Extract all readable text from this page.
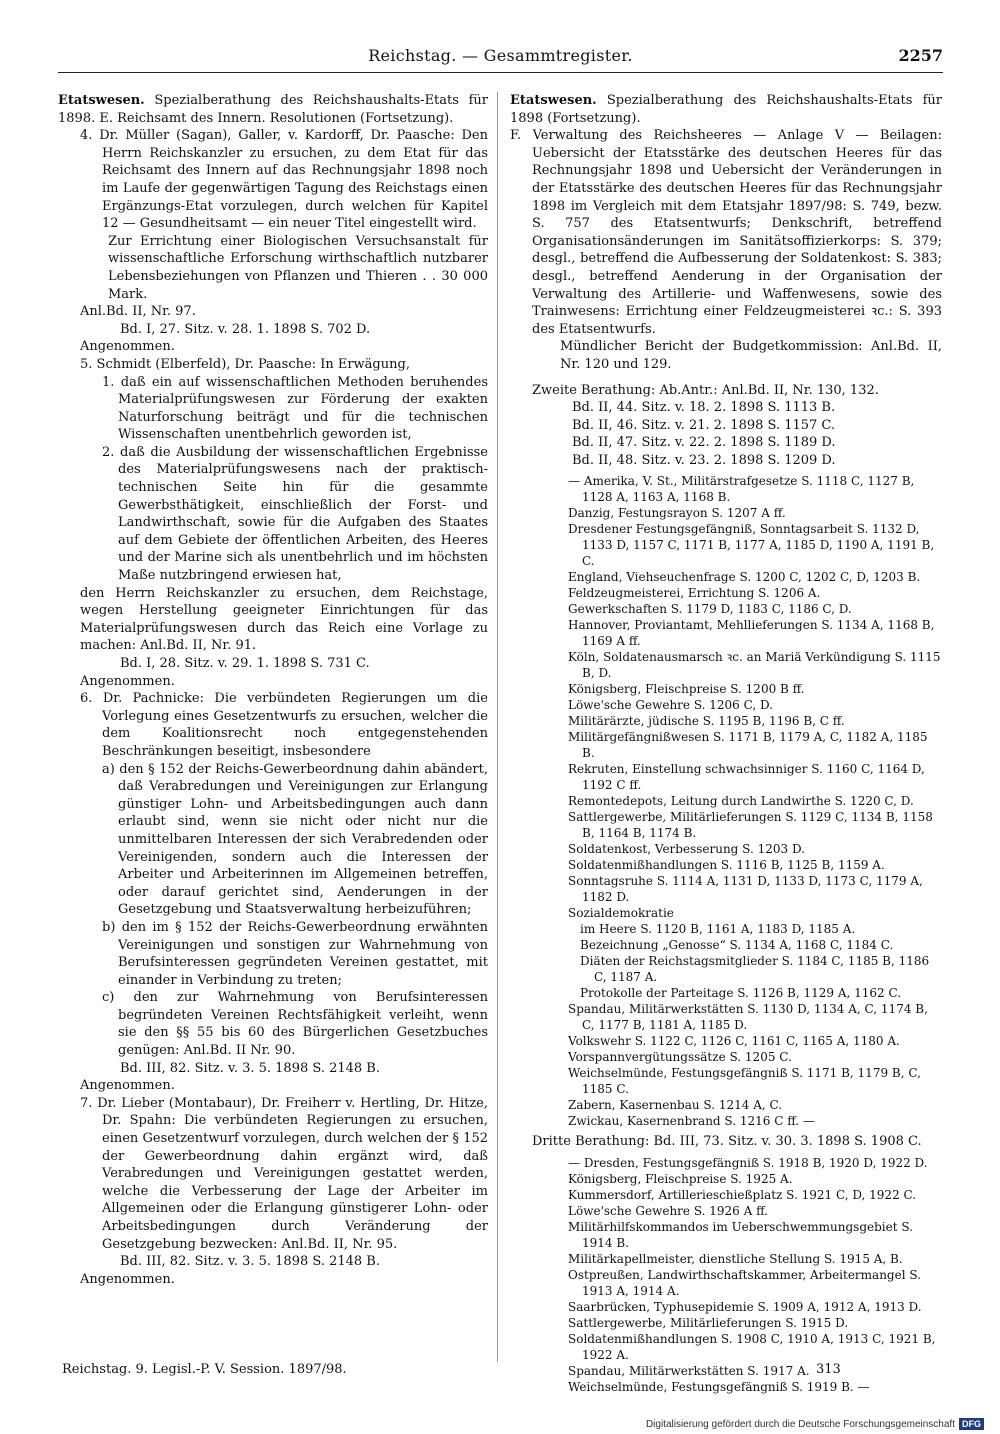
Reichstag. — Gesammtregister.	2257

Etatswesen. Spezialberathung des Reichshaushalts-Etats für 1898. E. Reichsamt des Innern. Resolutionen (Fortsetzung).

4. Dr. Müller (Sagan), Galler, v. Kardorff, Dr. Paasche: Den Herrn Reichskanzler zu ersuchen, zu dem Etat für das Reichsamt des Innern auf das Rechnungsjahr 1898 noch im Laufe der gegenwärtigen Tagung des Reichstags einen Ergänzungs-Etat vorzulegen, durch welchen für Kapitel 12 — Gesundheitsamt — ein neuer Titel eingestellt wird.

Zur Errichtung einer Biologischen Versuchsanstalt für wissenschaftliche Erforschung wirthschaftlich nutzbarer Lebensbeziehungen von Pflanzen und Thieren . . 30 000 Mark.

Anl.Bd. II, Nr. 97.

Bd. I, 27. Sitz. v. 28. 1. 1898 S. 702 D.

Angenommen.

5. Schmidt (Elberfeld), Dr. Paasche: In Erwägung,

1. daß ein auf wissenschaftlichen Methoden beruhendes Materialprüfungswesen zur Förderung der exakten Naturforschung beiträgt und für die technischen Wissenschaften unentbehrlich geworden ist,

2. daß die Ausbildung der wissenschaftlichen Ergebnisse des Materialprüfungswesens nach der praktisch-technischen Seite hin für die gesammte Gewerbsthätigkeit, einschließlich der Forst- und Landwirthschaft, sowie für die Aufgaben des Staates auf dem Gebiete der öffentlichen Arbeiten, des Heeres und der Marine sich als unentbehrlich und im höchsten Maße nutzbringend erwiesen hat,

den Herrn Reichskanzler zu ersuchen, dem Reichstage, wegen Herstellung geeigneter Einrichtungen für das Materialprüfungswesen durch das Reich eine Vorlage zu machen: Anl.Bd. II, Nr. 91.

Bd. I, 28. Sitz. v. 29. 1. 1898 S. 731 C.

Angenommen.

6. Dr. Pachnicke: Die verbündeten Regierungen um die Vorlegung eines Gesetzentwurfs zu ersuchen, welcher die dem Koalitionsrecht noch entgegenstehenden Beschränkungen beseitigt, insbesondere

a) den § 152 der Reichs-Gewerbeordnung dahin abändert, daß Verabredungen und Vereinigungen zur Erlangung günstiger Lohn- und Arbeitsbedingungen auch dann erlaubt sind, wenn sie nicht oder nicht nur die unmittelbaren Interessen der sich Verabredenden oder Vereinigenden, sondern auch die Interessen der Arbeiter und Arbeiterinnen im Allgemeinen betreffen, oder darauf gerichtet sind, Aenderungen in der Gesetzgebung und Staatsverwaltung herbeizuführen;

b) den im § 152 der Reichs-Gewerbeordnung erwähnten Vereinigungen und sonstigen zur Wahrnehmung von Berufsinteressen gegründeten Vereinen gestattet, mit einander in Verbindung zu treten;

c) den zur Wahrnehmung von Berufsinteressen begründeten Vereinen Rechtsfähigkeit verleiht, wenn sie den §§ 55 bis 60 des Bürgerlichen Gesetzbuches genügen: Anl.Bd. II Nr. 90.

Bd. III, 82. Sitz. v. 3. 5. 1898 S. 2148 B.

Angenommen.

7. Dr. Lieber (Montabaur), Dr. Freiherr v. Hertling, Dr. Hitze, Dr. Spahn: Die verbündeten Regierungen zu ersuchen, einen Gesetzentwurf vorzulegen, durch welchen der § 152 der Gewerbeordnung dahin ergänzt wird, daß Verabredungen und Vereinigungen gestattet werden, welche die Verbesserung der Lage der Arbeiter im Allgemeinen oder die Erlangung günstigerer Lohn- oder Arbeitsbedingungen durch Veränderung der Gesetzgebung bezwecken: Anl.Bd. II, Nr. 95.

Bd. III, 82. Sitz. v. 3. 5. 1898 S. 2148 B.

Angenommen.

Etatswesen. Spezialberathung des Reichshaushalts-Etats für 1898 (Fortsetzung).

F. Verwaltung des Reichsheeres — Anlage V — Beilagen: Uebersicht der Etatsstärke des deutschen Heeres für das Rechnungsjahr 1898 und Uebersicht der Veränderungen in der Etatsstärke des deutschen Heeres für das Rechnungsjahr 1898 im Vergleich mit dem Etatsjahr 1897/98: S. 749, bezw. S. 757 des Etatsentwurfs; Denkschrift, betreffend Organisationsänderungen im Sanitätsoffizierkorps: S. 379; desgl., betreffend die Aufbesserung der Soldatenkost: S. 383; desgl., betreffend Aenderung in der Organisation der Verwaltung des Artillerie- und Waffenwesens, sowie des Trainwesens: Errichtung einer Feldzeugmeisterei ꝛc.: S. 393 des Etatsentwurfs.

Mündlicher Bericht der Budgetkommission: Anl.Bd. II, Nr. 120 und 129.

Zweite Berathung: Ab.Antr.: Anl.Bd. II, Nr. 130, 132.

Bd. II, 44. Sitz. v. 18. 2. 1898 S. 1113 B.

Bd. II, 46. Sitz. v. 21. 2. 1898 S. 1157 C.

Bd. II, 47. Sitz. v. 22. 2. 1898 S. 1189 D.

Bd. II, 48. Sitz. v. 23. 2. 1898 S. 1209 D.

— Amerika, V. St., Militärstrafgesetze S. 1118 C, 1127 B, 1128 A, 1163 A, 1168 B.

Danzig, Festungsrayon S. 1207 A ff.

Dresdener Festungsgefängniß, Sonntagsarbeit S. 1132 D, 1133 D, 1157 C, 1171 B, 1177 A, 1185 D, 1190 A, 1191 B, C.

England, Viehseuchenfrage S. 1200 C, 1202 C, D, 1203 B.

Feldzeugmeisterei, Errichtung S. 1206 A.

Gewerkschaften S. 1179 D, 1183 C, 1186 C, D.

Hannover, Proviantamt, Mehllieferungen S. 1134 A, 1168 B, 1169 A ff.

Köln, Soldatenausmarsch ꝛc. an Mariä Verkündigung S. 1115 B, D.

Königsberg, Fleischpreise S. 1200 B ff.

Löwe'sche Gewehre S. 1206 C, D.

Militärärzte, jüdische S. 1195 B, 1196 B, C ff.

Militärgefängnißwesen S. 1171 B, 1179 A, C, 1182 A, 1185 B.

Rekruten, Einstellung schwachsinniger S. 1160 C, 1164 D, 1192 C ff.

Remontedepots, Leitung durch Landwirthe S. 1220 C, D.

Sattlergewerbe, Militärlieferungen S. 1129 C, 1134 B, 1158 B, 1164 B, 1174 B.

Soldatenkost, Verbesserung S. 1203 D.

Soldatenmißhandlungen S. 1116 B, 1125 B, 1159 A.

Sonntagsruhe S. 1114 A, 1131 D, 1133 D, 1173 C, 1179 A, 1182 D.

Sozialdemokratie

im Heere S. 1120 B, 1161 A, 1183 D, 1185 A.

Bezeichnung „Genosse“ S. 1134 A, 1168 C, 1184 C.

Diäten der Reichstagsmitglieder S. 1184 C, 1185 B, 1186 C, 1187 A.

Protokolle der Parteitage S. 1126 B, 1129 A, 1162 C.

Spandau, Militärwerkstätten S. 1130 D, 1134 A, C, 1174 B, C, 1177 B, 1181 A, 1185 D.

Volkswehr S. 1122 C, 1126 C, 1161 C, 1165 A, 1180 A.

Vorspannvergütungssätze S. 1205 C.

Weichselmünde, Festungsgefängniß S. 1171 B, 1179 B, C, 1185 C.

Zabern, Kasernenbau S. 1214 A, C.

Zwickau, Kasernenbrand S. 1216 C ff. —

Dritte Berathung: Bd. III, 73. Sitz. v. 30. 3. 1898 S. 1908 C.

— Dresden, Festungsgefängniß S. 1918 B, 1920 D, 1922 D.

Königsberg, Fleischpreise S. 1925 A.

Kummersdorf, Artillerieschießplatz S. 1921 C, D, 1922 C.

Löwe'sche Gewehre S. 1926 A ff.

Militärhilfskommandos im Ueberschwemmungsgebiet S. 1914 B.

Militärkapellmeister, dienstliche Stellung S. 1915 A, B.

Ostpreußen, Landwirthschaftskammer, Arbeitermangel S. 1913 A, 1914 A.

Saarbrücken, Typhusepidemie S. 1909 A, 1912 A, 1913 D.

Sattlergewerbe, Militärlieferungen S. 1915 D.

Soldatenmißhandlungen S. 1908 C, 1910 A, 1913 C, 1921 B, 1922 A.

Spandau, Militärwerkstätten S. 1917 A.

Weichselmünde, Festungsgefängniß S. 1919 B. —

Reichstag. 9. Legisl.-P. V. Session. 1897/98.	313
Digitalisierung gefördert durch die Deutsche Forschungsgemeinschaft DFG
